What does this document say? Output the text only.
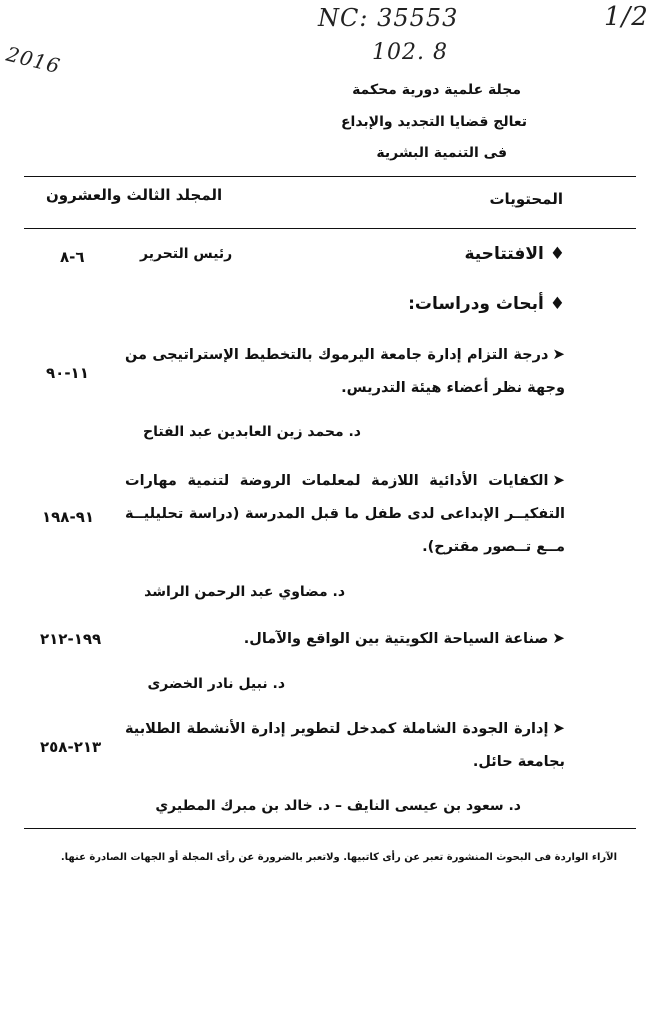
NC: 35553	1/2
2016	102. 8
مجلة علمية دورية محكمة
تعالج قضايا التجديد والإبداع
فى التنمية البشرية
المحتويات
المجلد الثالث والعشرون
♦ الافتتاحية
رئيس التحرير
٦-٨
♦ أبحاث ودراسات:
➤درجة التزام إدارة جامعة اليرموك بالتخطيط الإستراتيجى من وجهة نظر أعضاء هيئة التدريس.
١١-٩٠
د. محمد زين العابدين عبد الفتاح
➤الكفايات الأدائية اللازمة لمعلمات الروضة لتنمية مهارات التفكيــر الإبداعى لدى طفل ما قبل المدرسة (دراسة تحليليــة مــع تــصور مقترح).
٩١-١٩٨
د. مضاوي عبد الرحمن الراشد
➤صناعة السياحة الكويتية بين الواقع والآمال.
١٩٩-٢١٢
د. نبيل نادر الخضرى
➤إدارة الجودة الشاملة كمدخل لتطوير إدارة الأنشطة الطلابية بجامعة حائل.
٢١٣-٢٥٨
د. سعود بن عيسى النايف – د. خالد بن مبرك المطيري
الآراء الواردة فى البحوث المنشورة تعبر عن رأى كاتبيها. ولاتعبر بالضرورة عن رأى المجلة أو الجهات الصادرة عنها.
